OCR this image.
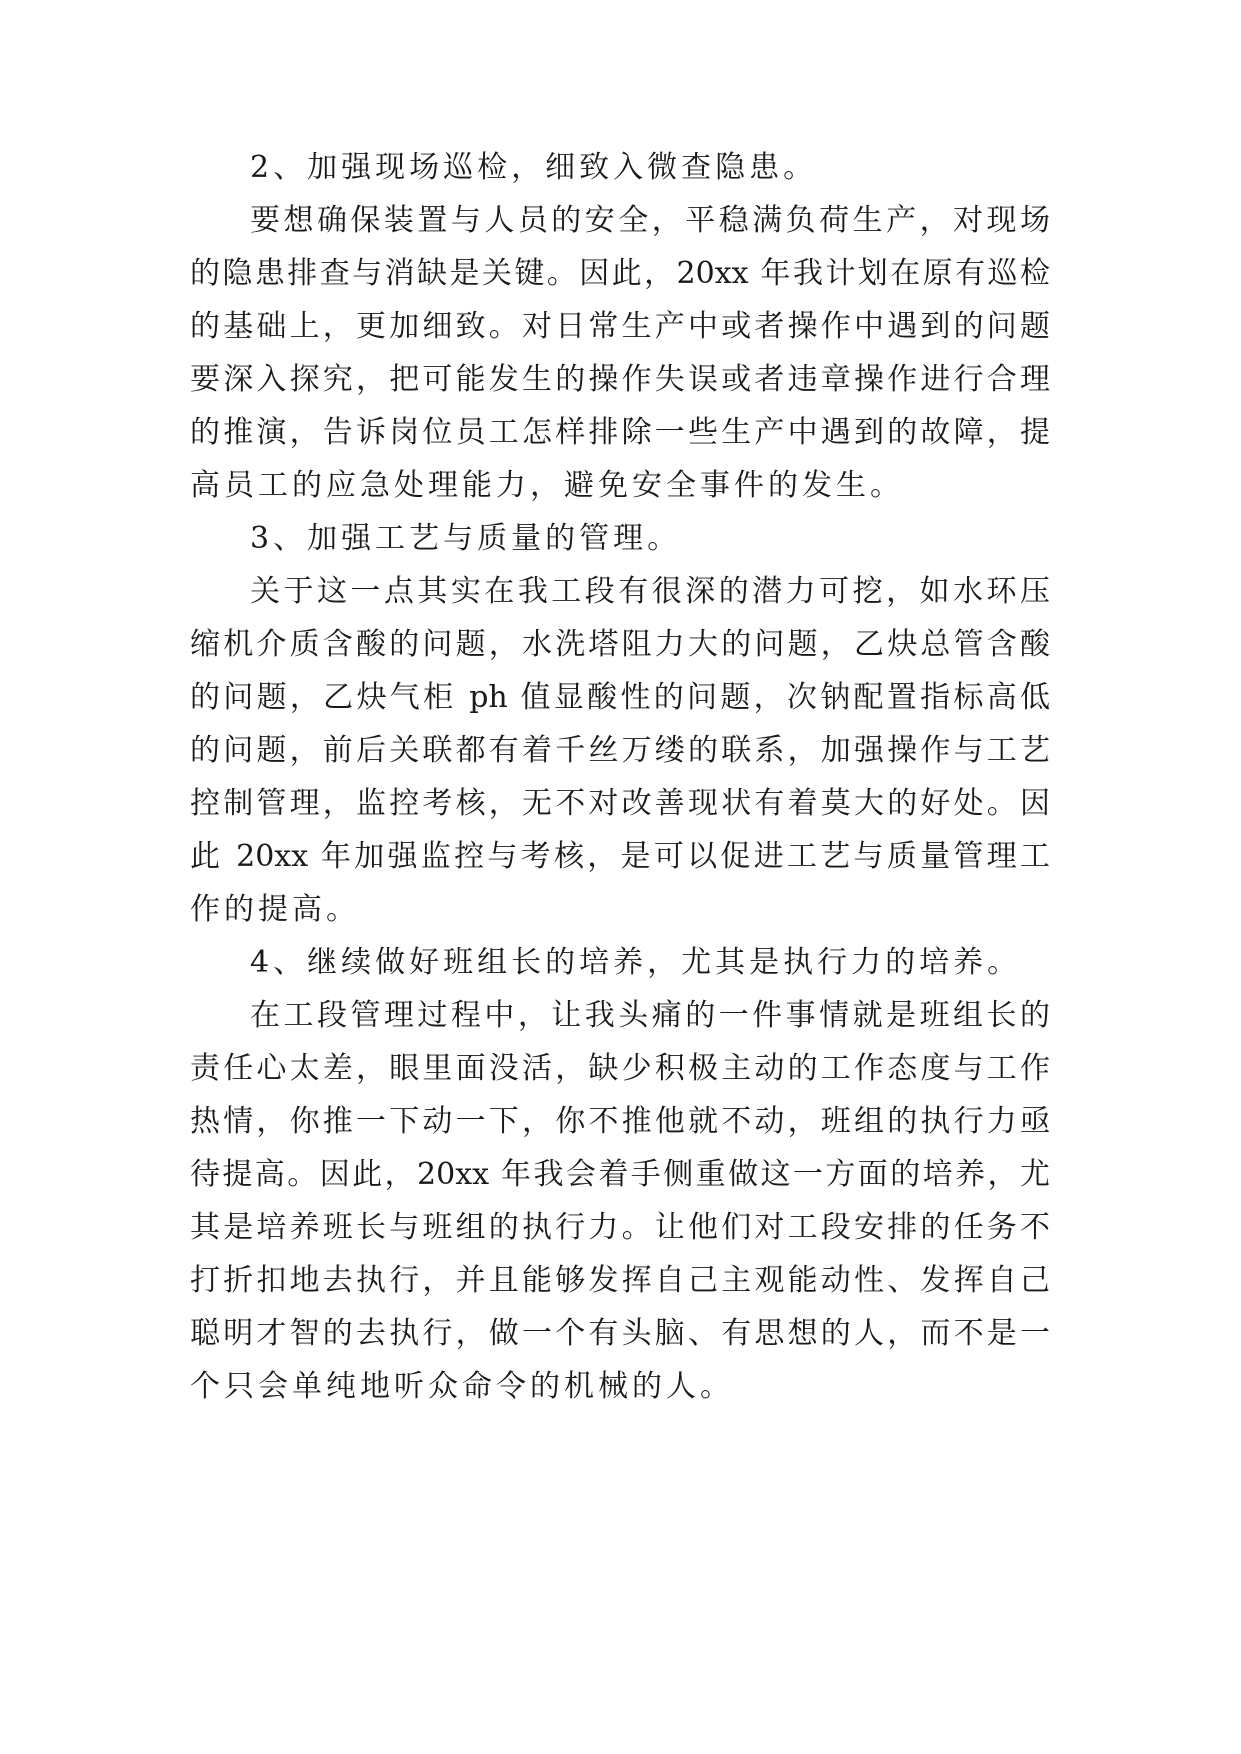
2、加强现场巡检，细致入微查隐患。
要想确保装置与人员的安全，平稳满负荷生产，对现场
的隐患排查与消缺是关键。因此，20xx 年我计划在原有巡检
的基础上，更加细致。对日常生产中或者操作中遇到的问题
要深入探究，把可能发生的操作失误或者违章操作进行合理
的推演，告诉岗位员工怎样排除一些生产中遇到的故障，提
高员工的应急处理能力，避免安全事件的发生。
3、加强工艺与质量的管理。
关于这一点其实在我工段有很深的潜力可挖，如水环压
缩机介质含酸的问题，水洗塔阻力大的问题，乙炔总管含酸
的问题，乙炔气柜 ph 值显酸性的问题，次钠配置指标高低
的问题，前后关联都有着千丝万缕的联系，加强操作与工艺
控制管理，监控考核，无不对改善现状有着莫大的好处。因
此 20xx 年加强监控与考核，是可以促进工艺与质量管理工
作的提高。
4、继续做好班组长的培养，尤其是执行力的培养。
在工段管理过程中，让我头痛的一件事情就是班组长的
责任心太差，眼里面没活，缺少积极主动的工作态度与工作
热情，你推一下动一下，你不推他就不动，班组的执行力亟
待提高。因此，20xx 年我会着手侧重做这一方面的培养，尤
其是培养班长与班组的执行力。让他们对工段安排的任务不
打折扣地去执行，并且能够发挥自己主观能动性、发挥自己
聪明才智的去执行，做一个有头脑、有思想的人，而不是一
个只会单纯地听众命令的机械的人。
